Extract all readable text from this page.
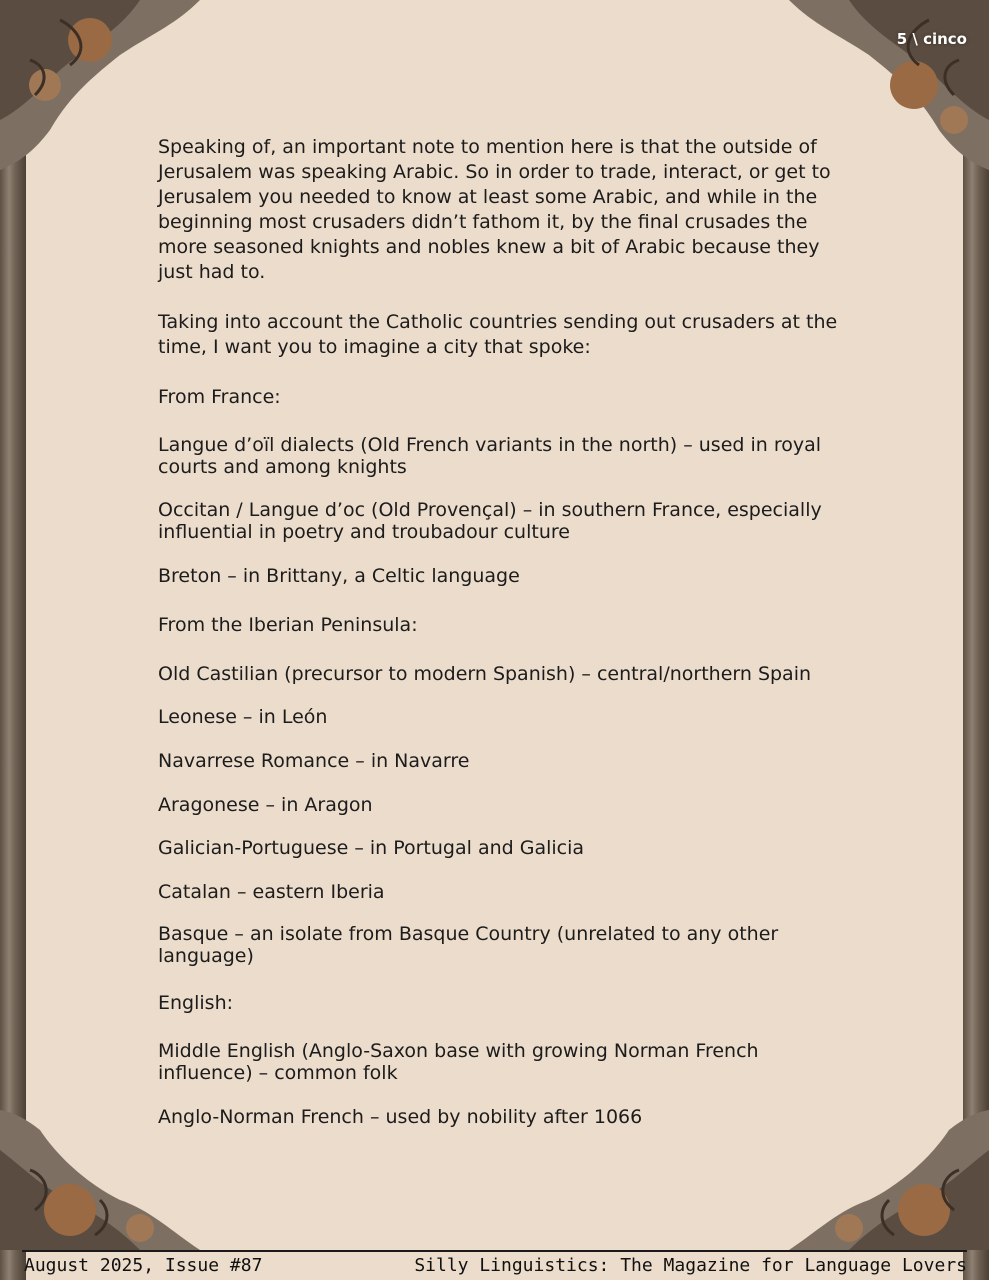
5 \ cinco

Speaking of, an important note to mention here is that the outside of Jerusalem was speaking Arabic. So in order to trade, interact, or get to Jerusalem you needed to know at least some Arabic, and while in the beginning most crusaders didn’t fathom it, by the final crusades the more seasoned knights and nobles knew a bit of Arabic because they just had to.

Taking into account the Catholic countries sending out crusaders at the time, I want you to imagine a city that spoke:

From France:

Langue d’oïl dialects (Old French variants in the north) – used in royal courts and among knights

Occitan / Langue d’oc (Old Provençal) – in southern France, especially influential in poetry and troubadour culture

Breton – in Brittany, a Celtic language

From the Iberian Peninsula:

Old Castilian (precursor to modern Spanish) – central/northern Spain

Leonese – in León

Navarrese Romance – in Navarre

Aragonese – in Aragon

Galician-Portuguese – in Portugal and Galicia

Catalan – eastern Iberia

Basque – an isolate from Basque Country (unrelated to any other language)

English:

Middle English (Anglo-Saxon base with growing Norman French influence) – common folk

Anglo-Norman French – used by nobility after 1066

August 2025, Issue #87	Silly Linguistics: The Magazine for Language Lovers
